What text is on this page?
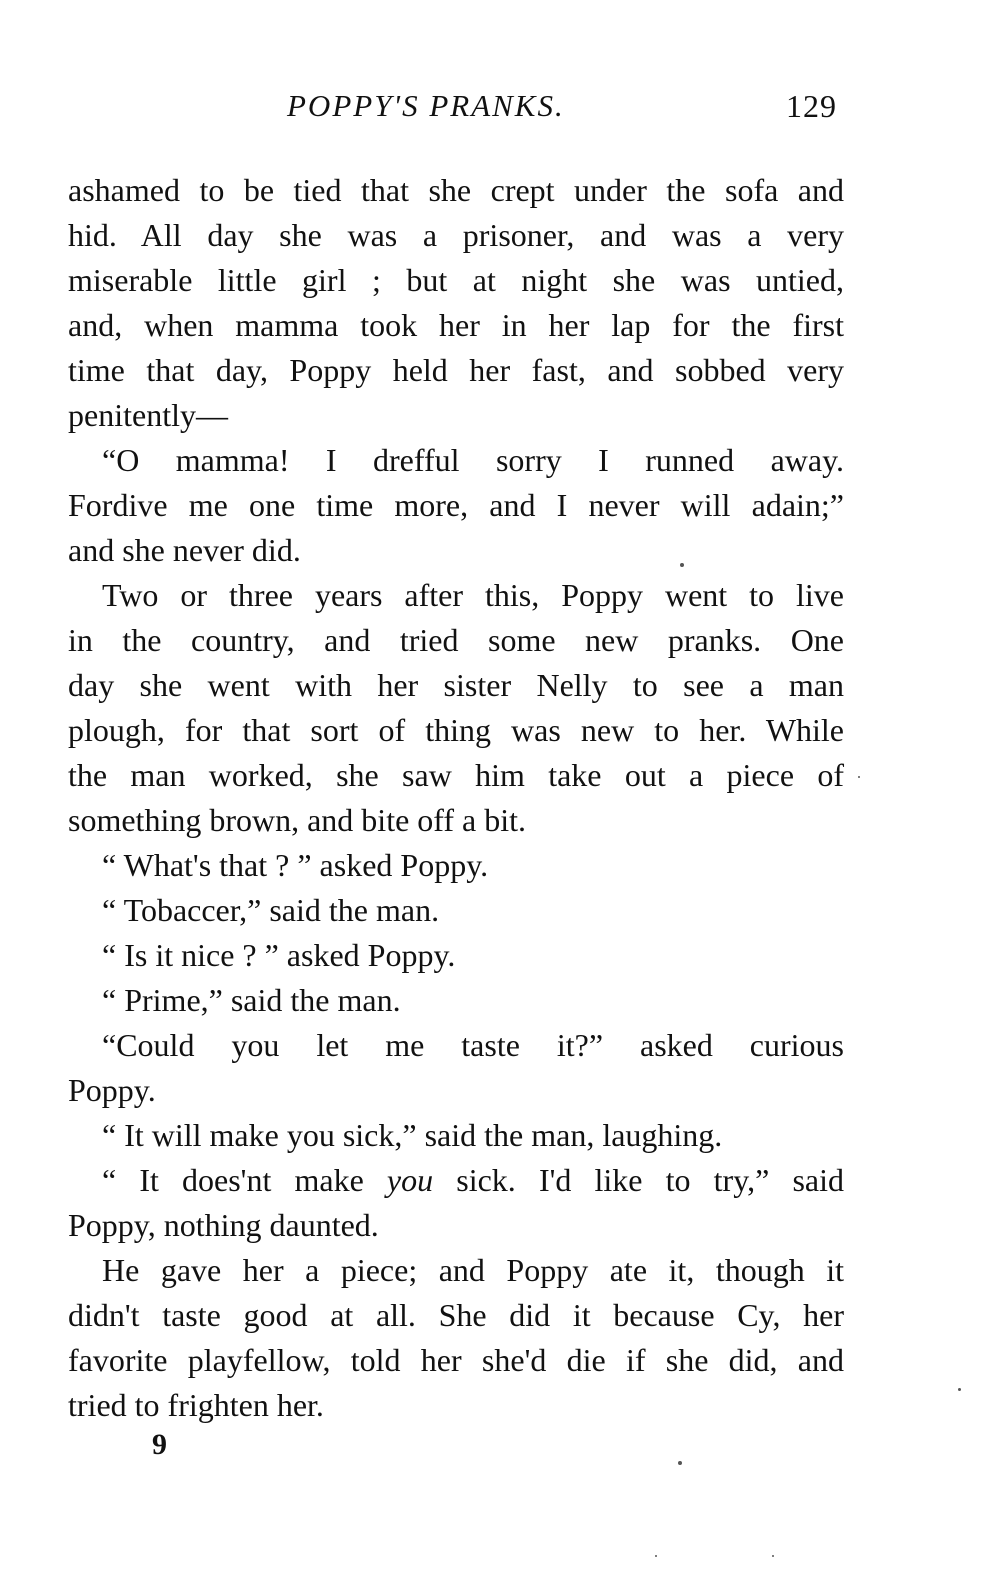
POPPY'S PRANKS.	129
ashamed to be tied that she crept under the sofa and
hid. All day she was a prisoner, and was a very
miserable little girl ; but at night she was untied,
and, when mamma took her in her lap for the first
time that day, Poppy held her fast, and sobbed very
penitently—
“O mamma! I drefful sorry I runned away.
Fordive me one time more, and I never will adain;”
and she never did.
Two or three years after this, Poppy went to live
in the country, and tried some new pranks. One
day she went with her sister Nelly to see a man
plough, for that sort of thing was new to her. While
the man worked, she saw him take out a piece of
something brown, and bite off a bit.
“ What's that ? ” asked Poppy.
“ Tobaccer,” said the man.
“ Is it nice ? ” asked Poppy.
“ Prime,” said the man.
“Could you let me taste it?” asked curious
Poppy.
“ It will make you sick,” said the man, laughing.
“ It does'nt make you sick. I'd like to try,” said
Poppy, nothing daunted.
He gave her a piece; and Poppy ate it, though it
didn't taste good at all. She did it because Cy, her
favorite playfellow, told her she'd die if she did, and
tried to frighten her.
9
